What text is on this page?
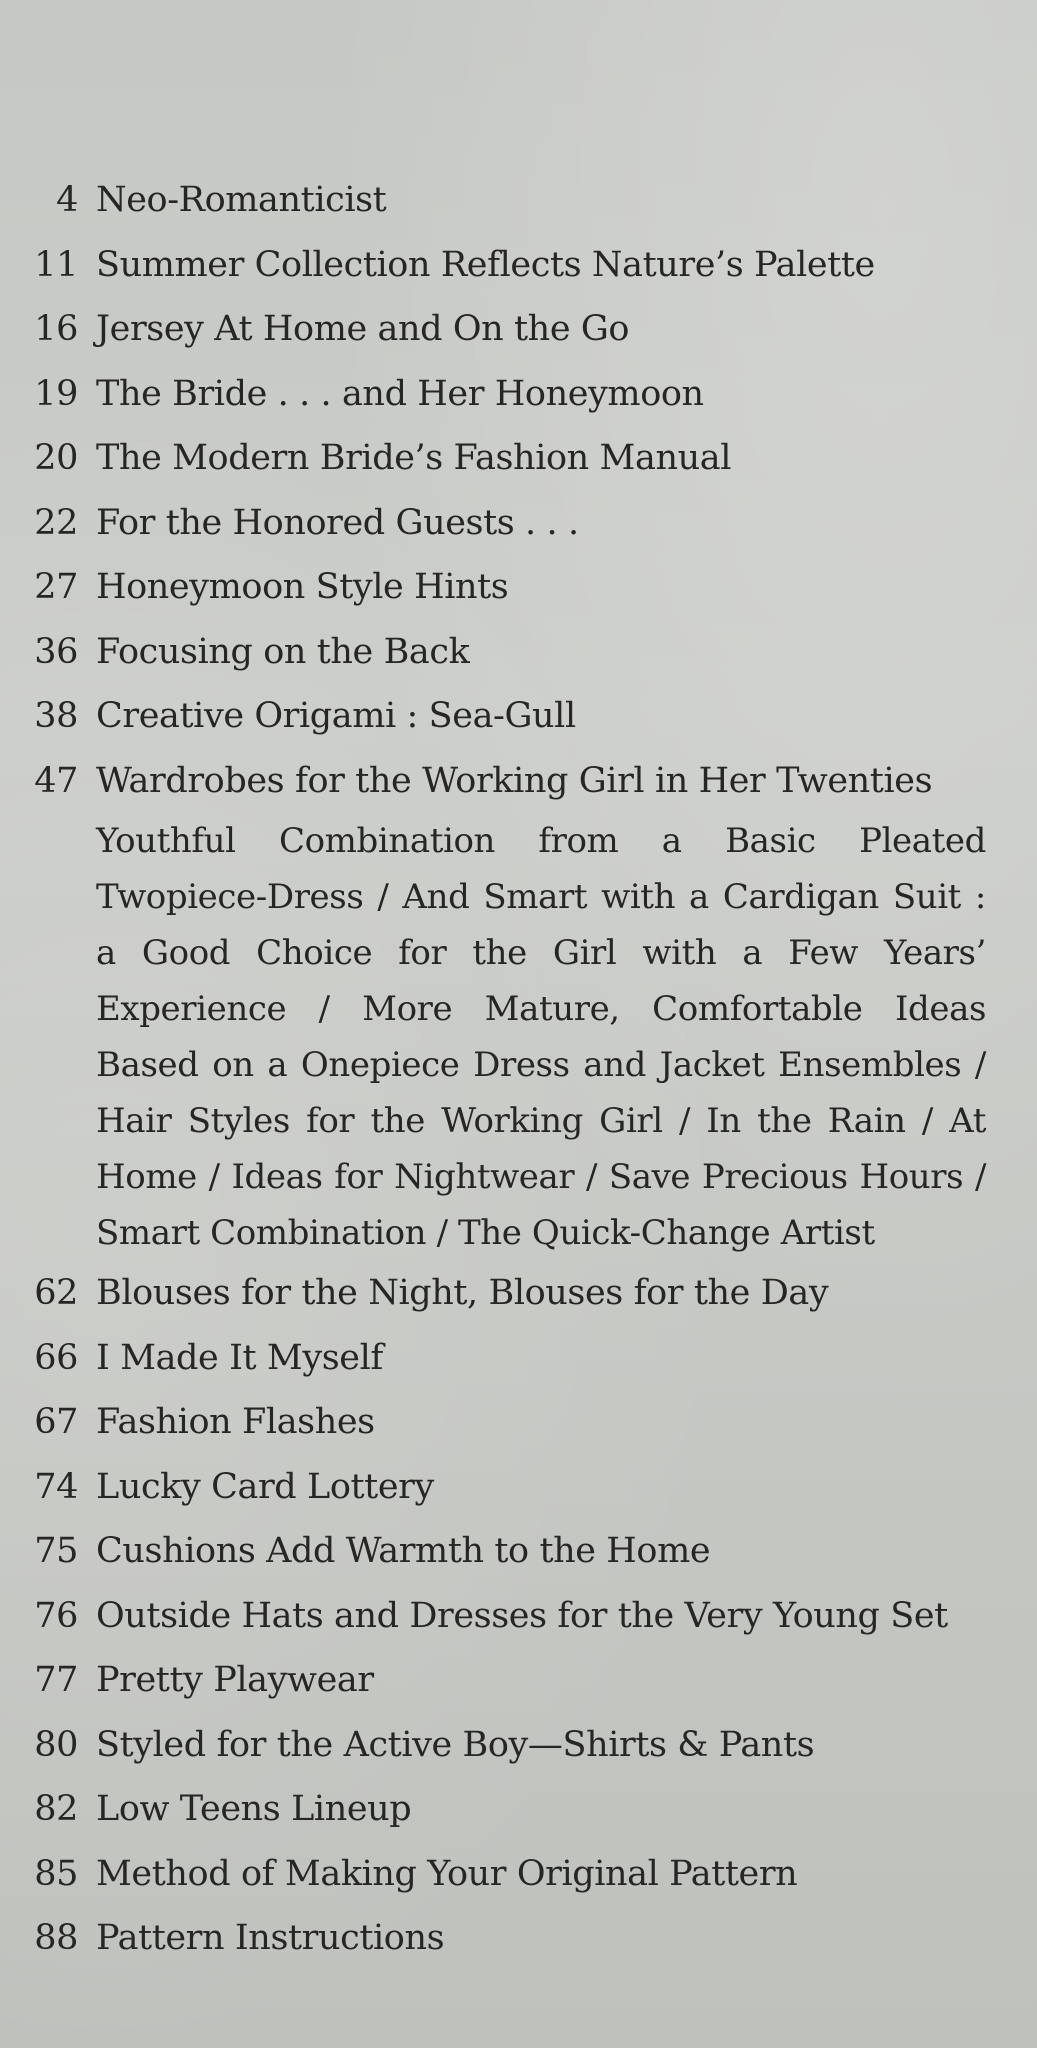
4 Neo-Romanticist
11 Summer Collection Reflects Nature’s Palette
16 Jersey At Home and On the Go
19 The Bride . . . and Her Honeymoon
20 The Modern Bride’s Fashion Manual
22 For the Honored Guests . . .
27 Honeymoon Style Hints
36 Focusing on the Back
38 Creative Origami : Sea-Gull
47 Wardrobes for the Working Girl in Her Twenties
Youthful Combination from a Basic Pleated Twopiece-Dress / And Smart with a Cardigan Suit : a Good Choice for the Girl with a Few Years’ Experience / More Mature, Comfortable Ideas Based on a Onepiece Dress and Jacket Ensembles / Hair Styles for the Working Girl / In the Rain / At Home / Ideas for Nightwear / Save Precious Hours / Smart Combination / The Quick-Change Artist
62 Blouses for the Night, Blouses for the Day
66 I Made It Myself
67 Fashion Flashes
74 Lucky Card Lottery
75 Cushions Add Warmth to the Home
76 Outside Hats and Dresses for the Very Young Set
77 Pretty Playwear
80 Styled for the Active Boy—Shirts & Pants
82 Low Teens Lineup
85 Method of Making Your Original Pattern
88 Pattern Instructions
